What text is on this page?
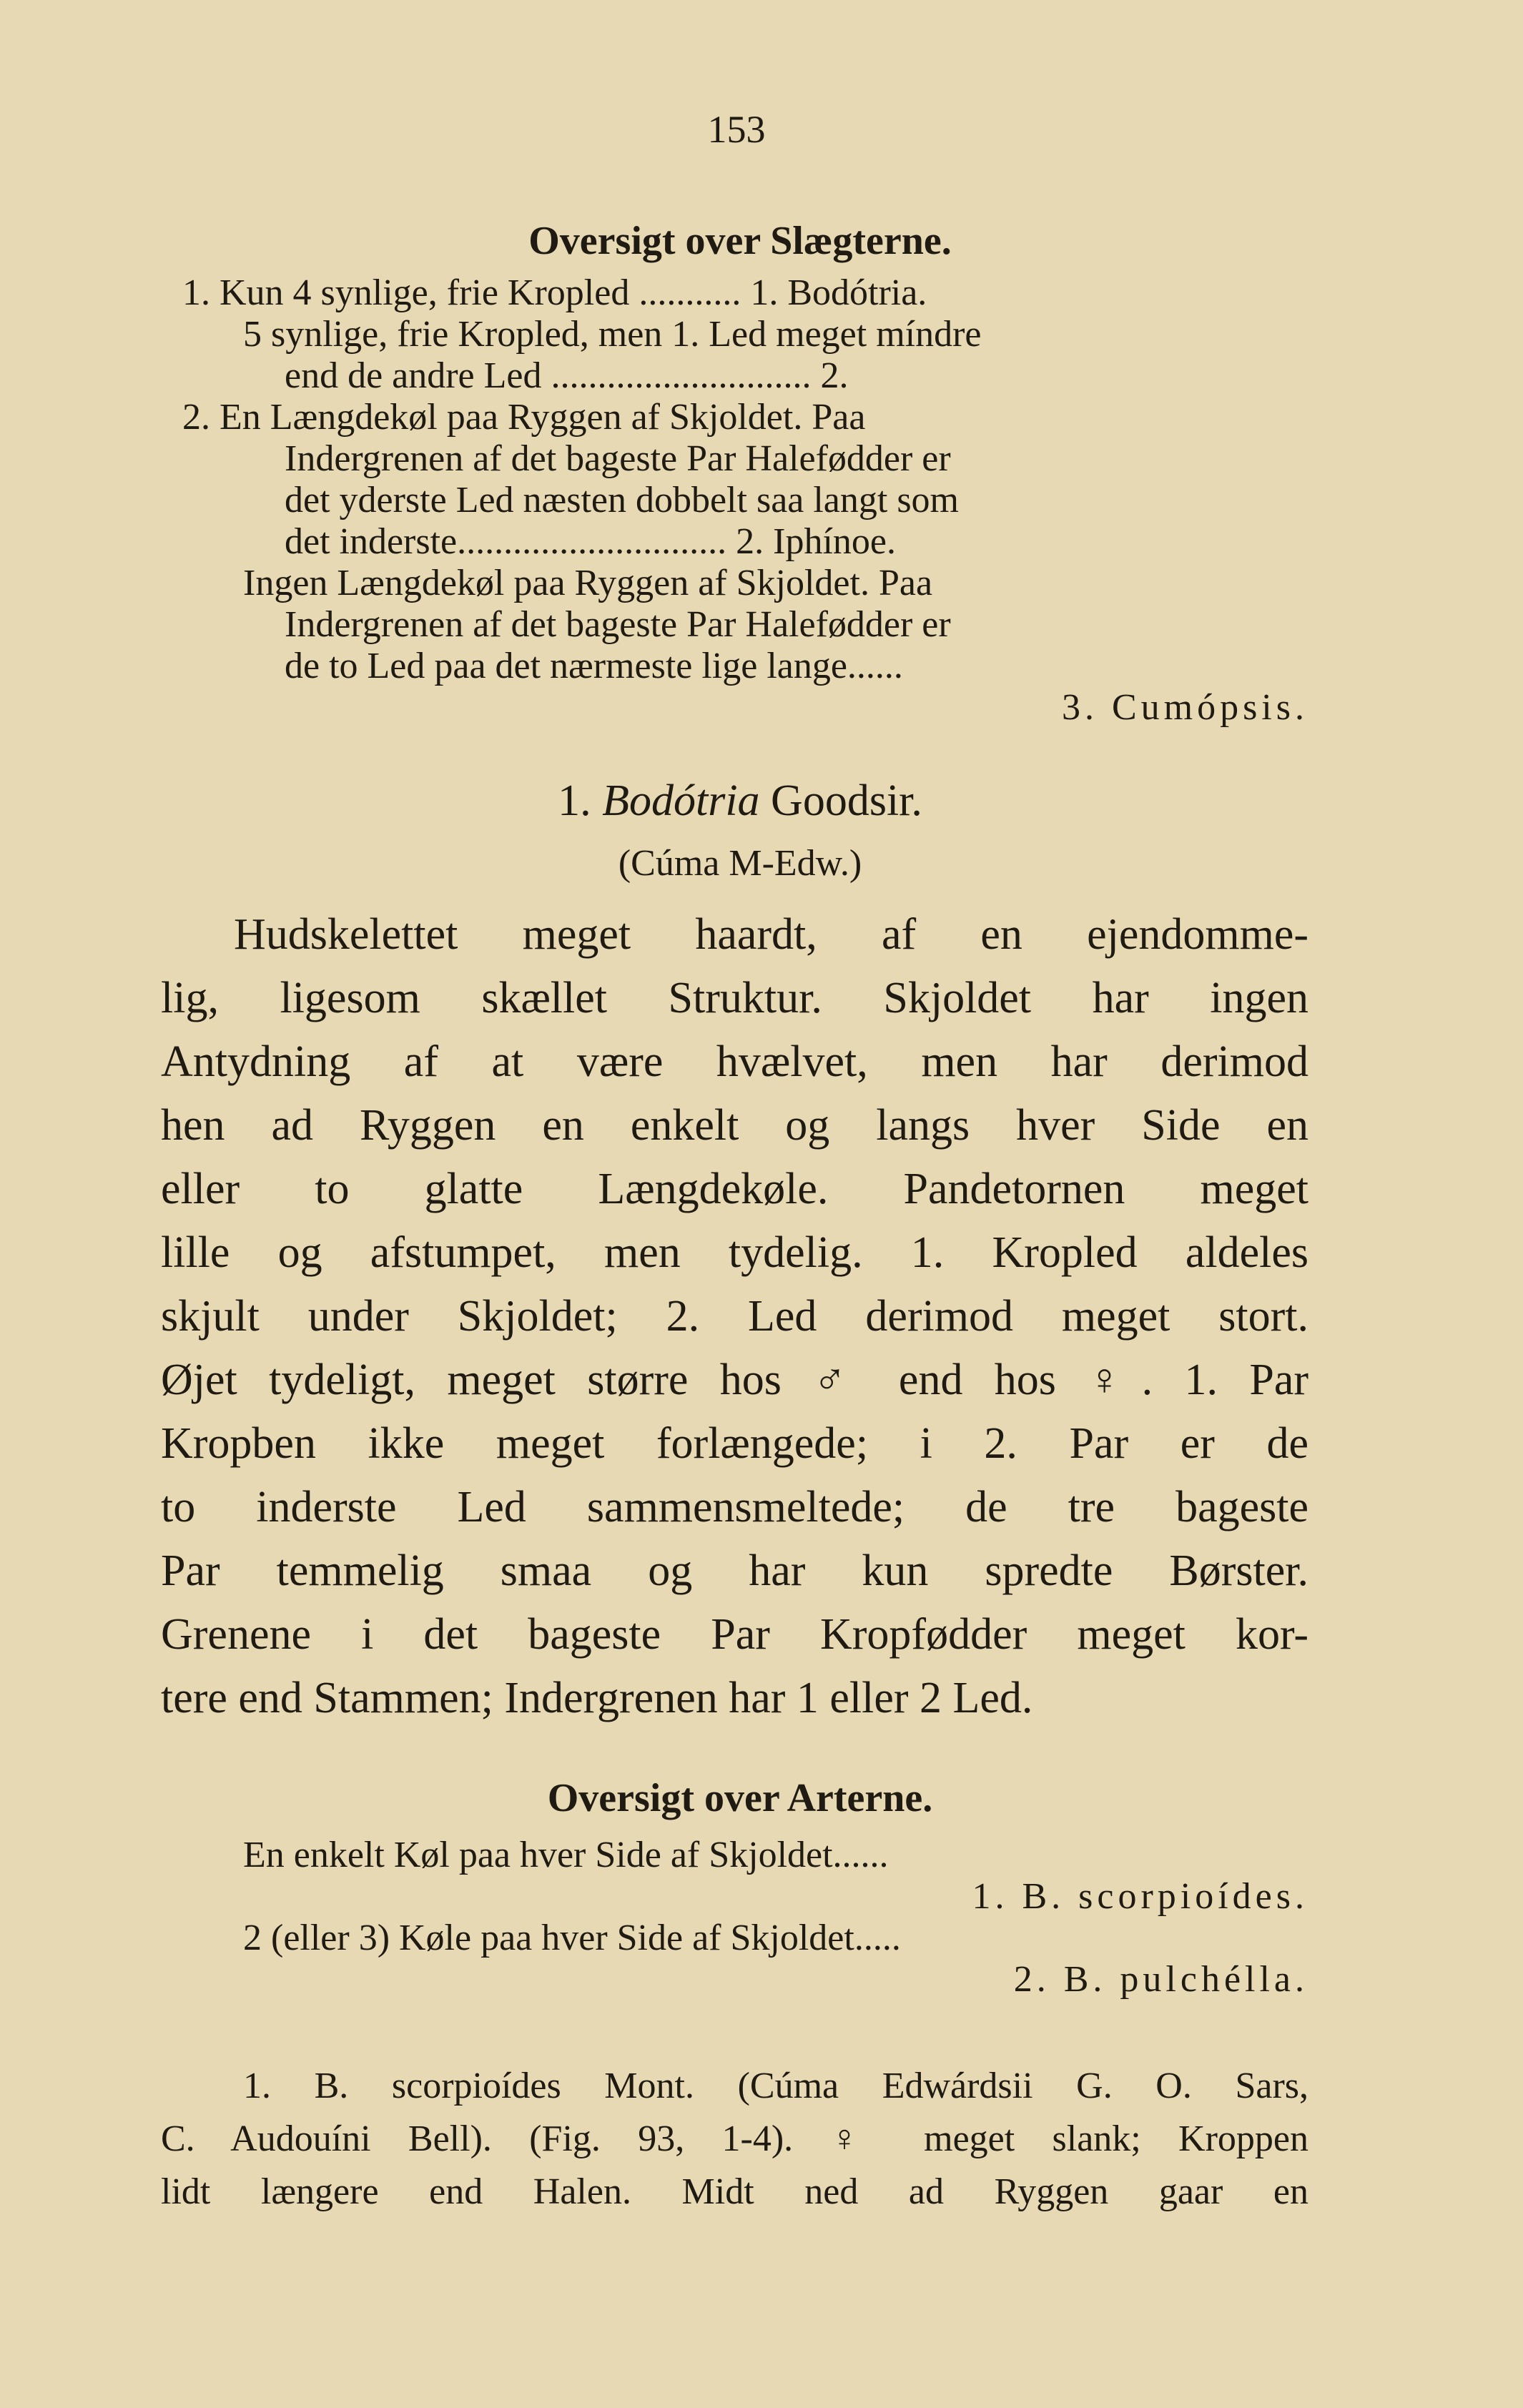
153
Oversigt over Slægterne.
1. Kun 4 synlige, frie Kropled ........... 1. Bodótria.
5 synlige, frie Kropled, men 1. Led meget míndre
end de andre Led ............................ 2.
2. En Længdekøl paa Ryggen af Skjoldet. Paa
Indergrenen af det bageste Par Halefødder er
det yderste Led næsten dobbelt saa langt som
det inderste............................. 2. Iphínoe.
Ingen Længdekøl paa Ryggen af Skjoldet. Paa
Indergrenen af det bageste Par Halefødder er
de to Led paa det nærmeste lige lange......
3. Cumópsis.
1. Bodótria Goodsir.
(Cúma M-Edw.)
Hudskelettet meget haardt, af en ejendomme-
lig, ligesom skællet Struktur. Skjoldet har ingen
Antydning af at være hvælvet, men har derimod
hen ad Ryggen en enkelt og langs hver Side en
eller to glatte Længdekøle. Pandetornen meget
lille og afstumpet, men tydelig. 1. Kropled aldeles
skjult under Skjoldet; 2. Led derimod meget stort.
Øjet tydeligt, meget større hos ♂ end hos ♀. 1. Par
Kropben ikke meget forlængede; i 2. Par er de
to inderste Led sammensmeltede; de tre bageste
Par temmelig smaa og har kun spredte Børster.
Grenene i det bageste Par Kropfødder meget kor-
tere end Stammen; Indergrenen har 1 eller 2 Led.
Oversigt over Arterne.
En enkelt Køl paa hver Side af Skjoldet......
1. B. scorpioídes.
2 (eller 3) Køle paa hver Side af Skjoldet.....
2. B. pulchélla.
1. B. scorpioídes Mont. (Cúma Edwárdsii G. O. Sars,
C. Audouíni Bell). (Fig. 93, 1-4). ♀ meget slank; Kroppen
lidt længere end Halen. Midt ned ad Ryggen gaar en
